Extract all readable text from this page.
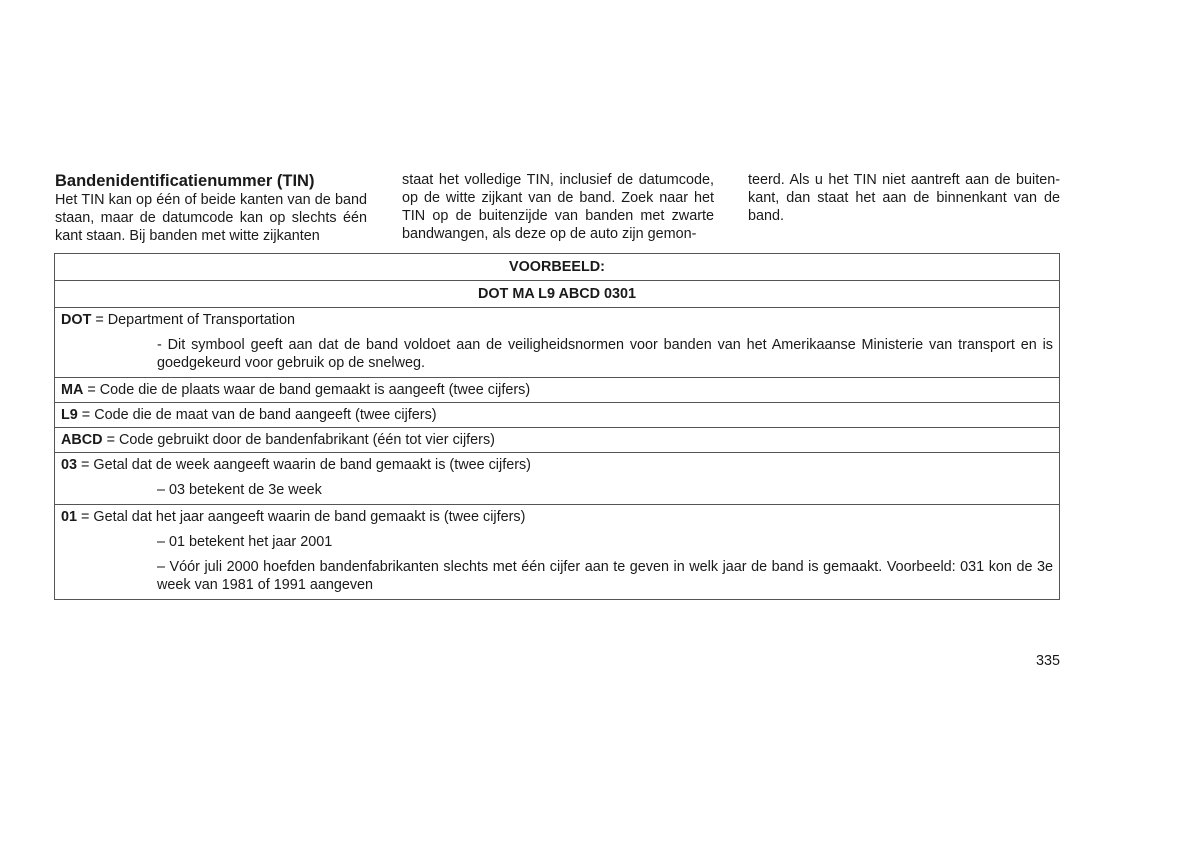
Bandenidentificatienummer (TIN)

Het TIN kan op één of beide kanten van de band staan, maar de datumcode kan op slechts één kant staan. Bij banden met witte zijkanten

staat het volledige TIN, inclusief de datumcode, op de witte zijkant van de band. Zoek naar het TIN op de buitenzijde van banden met zwarte bandwangen, als deze op de auto zijn gemon-

teerd. Als u het TIN niet aantreft aan de buiten-kant, dan staat het aan de binnenkant van de band.

VOORBEELD:
DOT MA L9 ABCD 0301

DOT = Department of Transportation
- Dit symbool geeft aan dat de band voldoet aan de veiligheidsnormen voor banden van het Amerikaanse Ministerie van transport en is goedgekeurd voor gebruik op de snelweg.

MA = Code die de plaats waar de band gemaakt is aangeeft (twee cijfers)

L9 = Code die de maat van de band aangeeft (twee cijfers)

ABCD = Code gebruikt door de bandenfabrikant (één tot vier cijfers)

03 = Getal dat de week aangeeft waarin de band gemaakt is (twee cijfers)
– 03 betekent de 3e week

01 = Getal dat het jaar aangeeft waarin de band gemaakt is (twee cijfers)
– 01 betekent het jaar 2001
– Vóór juli 2000 hoefden bandenfabrikanten slechts met één cijfer aan te geven in welk jaar de band is gemaakt. Voorbeeld: 031 kon de 3e week van 1981 of 1991 aangeven
335
